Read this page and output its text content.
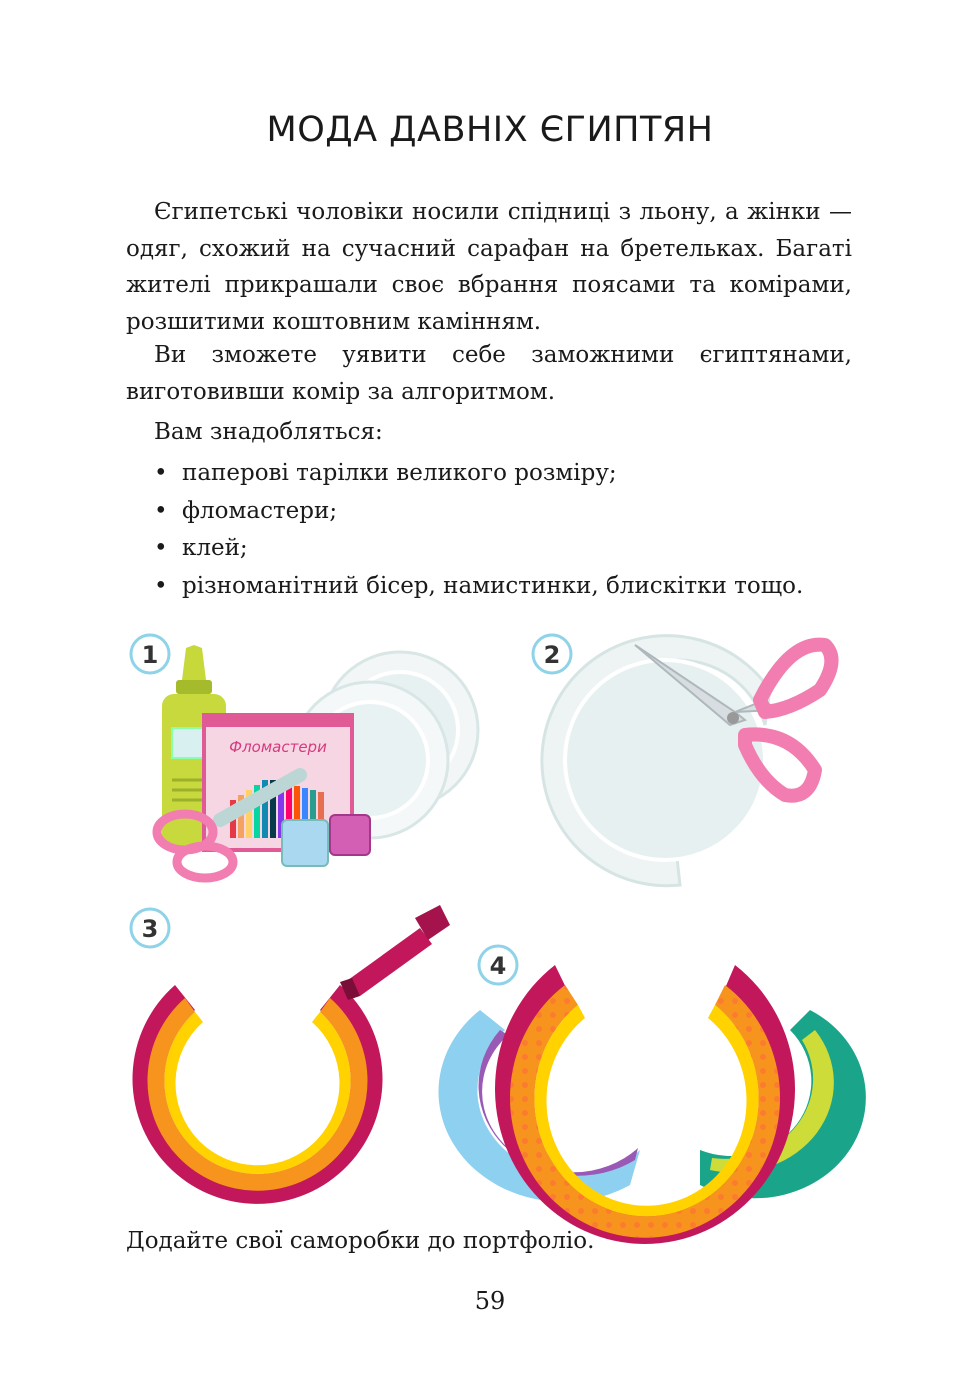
МОДА ДАВНІХ ЄГИПТЯН

Єгипетські чоловіки носили спідниці з льону, а жінки — одяг, схожий на сучасний сарафан на бретельках. Багаті жителі прикрашали своє вбрання поясами та комірами, розшитими коштовним камінням.

Ви зможете уявити себе заможними єгиптянами, виготовивши комір за алгоритмом.

Вам знадобляться:

• паперові тарілки великого розміру;
• фломастери;
• клей;
• різноманітний бісер, намистинки, блискітки тощо.
1
Фломастери
2
3
4

Додайте свої саморобки до портфоліо.

59
